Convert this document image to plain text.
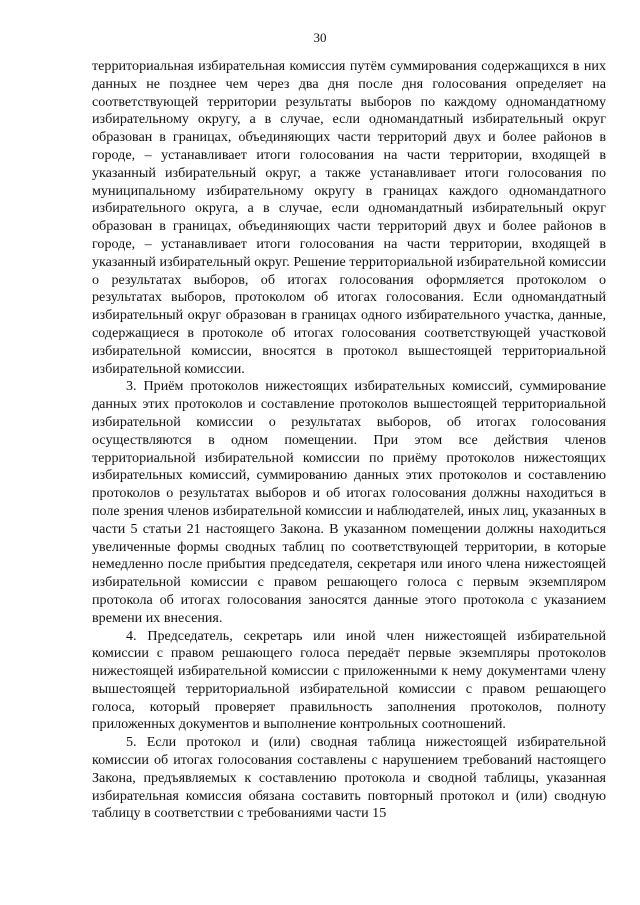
30

территориальная избирательная комиссия путём суммирования содержащихся в них данных не позднее чем через два дня после дня голосования определяет на соответствующей территории результаты выборов по каждому одномандатному избирательному округу, а в случае, если одномандатный избирательный округ образован в границах, объединяющих части территорий двух и более районов в городе, – устанавливает итоги голосования на части территории, входящей в указанный избирательный округ, а также устанавливает итоги голосования по муниципальному избирательному округу в границах каждого одномандатного избирательного округа, а в случае, если одномандатный избирательный округ образован в границах, объединяющих части территорий двух и более районов в городе, – устанавливает итоги голосования на части территории, входящей в указанный избирательный округ. Решение территориальной избирательной комиссии о результатах выборов, об итогах голосования оформляется протоколом о результатах выборов, протоколом об итогах голосования. Если одномандатный избирательный округ образован в границах одного избирательного участка, данные, содержащиеся в протоколе об итогах голосования соответствующей участковой избирательной комиссии, вносятся в протокол вышестоящей территориальной избирательной комиссии.

3. Приём протоколов нижестоящих избирательных комиссий, суммирование данных этих протоколов и составление протоколов вышестоящей территориальной избирательной комиссии о результатах выборов, об итогах голосования осуществляются в одном помещении. При этом все действия членов территориальной избирательной комиссии по приёму протоколов нижестоящих избирательных комиссий, суммированию данных этих протоколов и составлению протоколов о результатах выборов и об итогах голосования должны находиться в поле зрения членов избирательной комиссии и наблюдателей, иных лиц, указанных в части 5 статьи 21 настоящего Закона. В указанном помещении должны находиться увеличенные формы сводных таблиц по соответствующей территории, в которые немедленно после прибытия председателя, секретаря или иного члена нижестоящей избирательной комиссии с правом решающего голоса с первым экземпляром протокола об итогах голосования заносятся данные этого протокола с указанием времени их внесения.

4. Председатель, секретарь или иной член нижестоящей избирательной комиссии с правом решающего голоса передаёт первые экземпляры протоколов нижестоящей избирательной комиссии с приложенными к нему документами члену вышестоящей территориальной избирательной комиссии с правом решающего голоса, который проверяет правильность заполнения протоколов, полноту приложенных документов и выполнение контрольных соотношений.

5. Если протокол и (или) сводная таблица нижестоящей избирательной комиссии об итогах голосования составлены с нарушением требований настоящего Закона, предъявляемых к составлению протокола и сводной таблицы, указанная избирательная комиссия обязана составить повторный протокол и (или) сводную таблицу в соответствии с требованиями части 15
